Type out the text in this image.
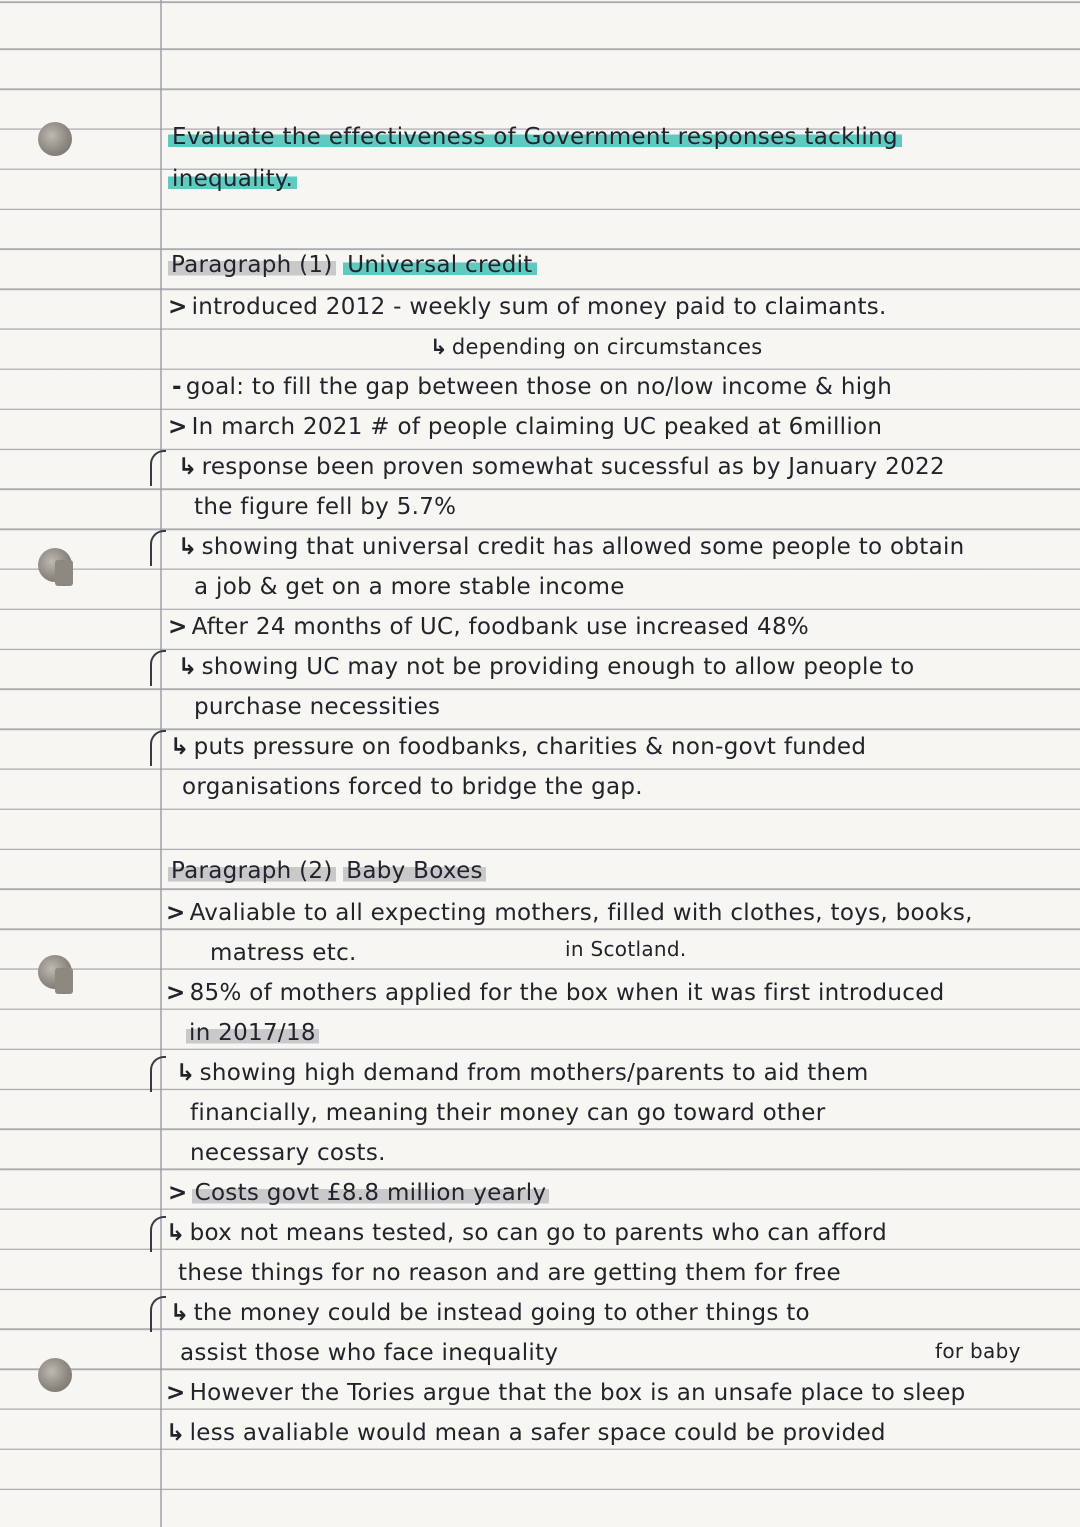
Evaluate the effectiveness of Government responses tackling
inequality.
Paragraph (1) Universal credit
> introduced 2012 - weekly sum of money paid to claimants.
↳ depending on circumstances
- goal: to fill the gap between those on no/low income & high
> In march 2021 # of people claiming UC peaked at 6million
↳ response been proven somewhat sucessful as by January 2022
the figure fell by 5.7%
↳ showing that universal credit has allowed some people to obtain
a job & get on a more stable income
> After 24 months of UC, foodbank use increased 48%
↳ showing UC may not be providing enough to allow people to
purchase necessities
↳ puts pressure on foodbanks, charities & non-govt funded
organisations forced to bridge the gap.
Paragraph (2) Baby Boxes
> Avaliable to all expecting mothers, filled with clothes, toys, books,
matress etc.	in Scotland.
> 85% of mothers applied for the box when it was first introduced
in 2017/18
↳ showing high demand from mothers/parents to aid them
financially, meaning their money can go toward other
necessary costs.
> Costs govt £8.8 million yearly
↳ box not means tested, so can go to parents who can afford
these things for no reason and are getting them for free
↳ the money could be instead going to other things to
assist those who face inequality	for baby
> However the Tories argue that the box is an unsafe place to sleep
↳ less avaliable would mean a safer space could be provided
